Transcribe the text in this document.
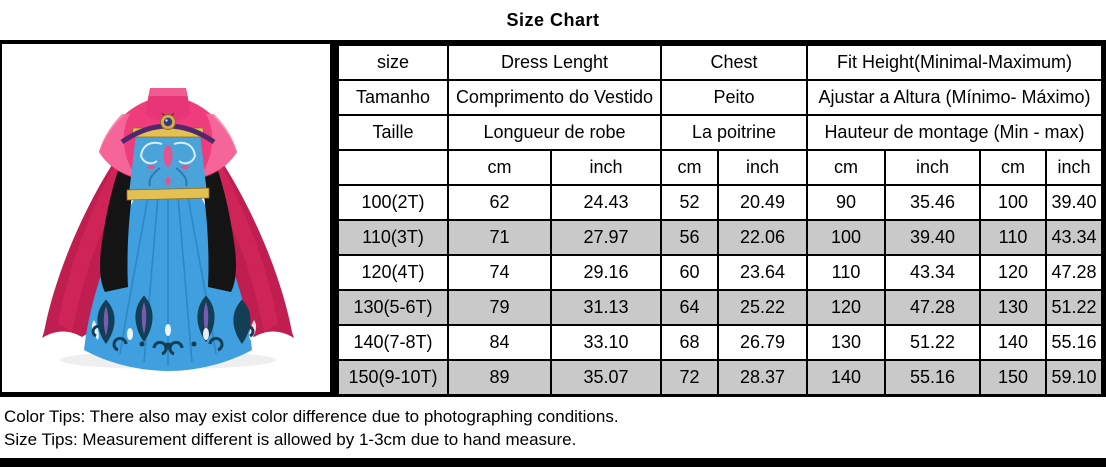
Size Chart
size	Dress Lenght		Chest		Fit Height(Minimal-Maximum)			
Tamanho	Comprimento do Vestido		Peito		Ajustar a Altura (Mínimo- Máximo)			
Taille	Longueur de robe		La poitrine		Hauteur de montage (Min - max)			
	cm	inch	cm	inch	cm	inch	cm	inch
100(2T)	62	24.43	52	20.49	90	35.46	100	39.40
110(3T)	71	27.97	56	22.06	100	39.40	110	43.34
120(4T)	74	29.16	60	23.64	110	43.34	120	47.28
130(5-6T)	79	31.13	64	25.22	120	47.28	130	51.22
140(7-8T)	84	33.10	68	26.79	130	51.22	140	55.16
150(9-10T)	89	35.07	72	28.37	140	55.16	150	59.10
Color Tips: There also may exist color difference due to photographing conditions.
Size Tips: Measurement different is allowed by 1-3cm due to hand measure.
